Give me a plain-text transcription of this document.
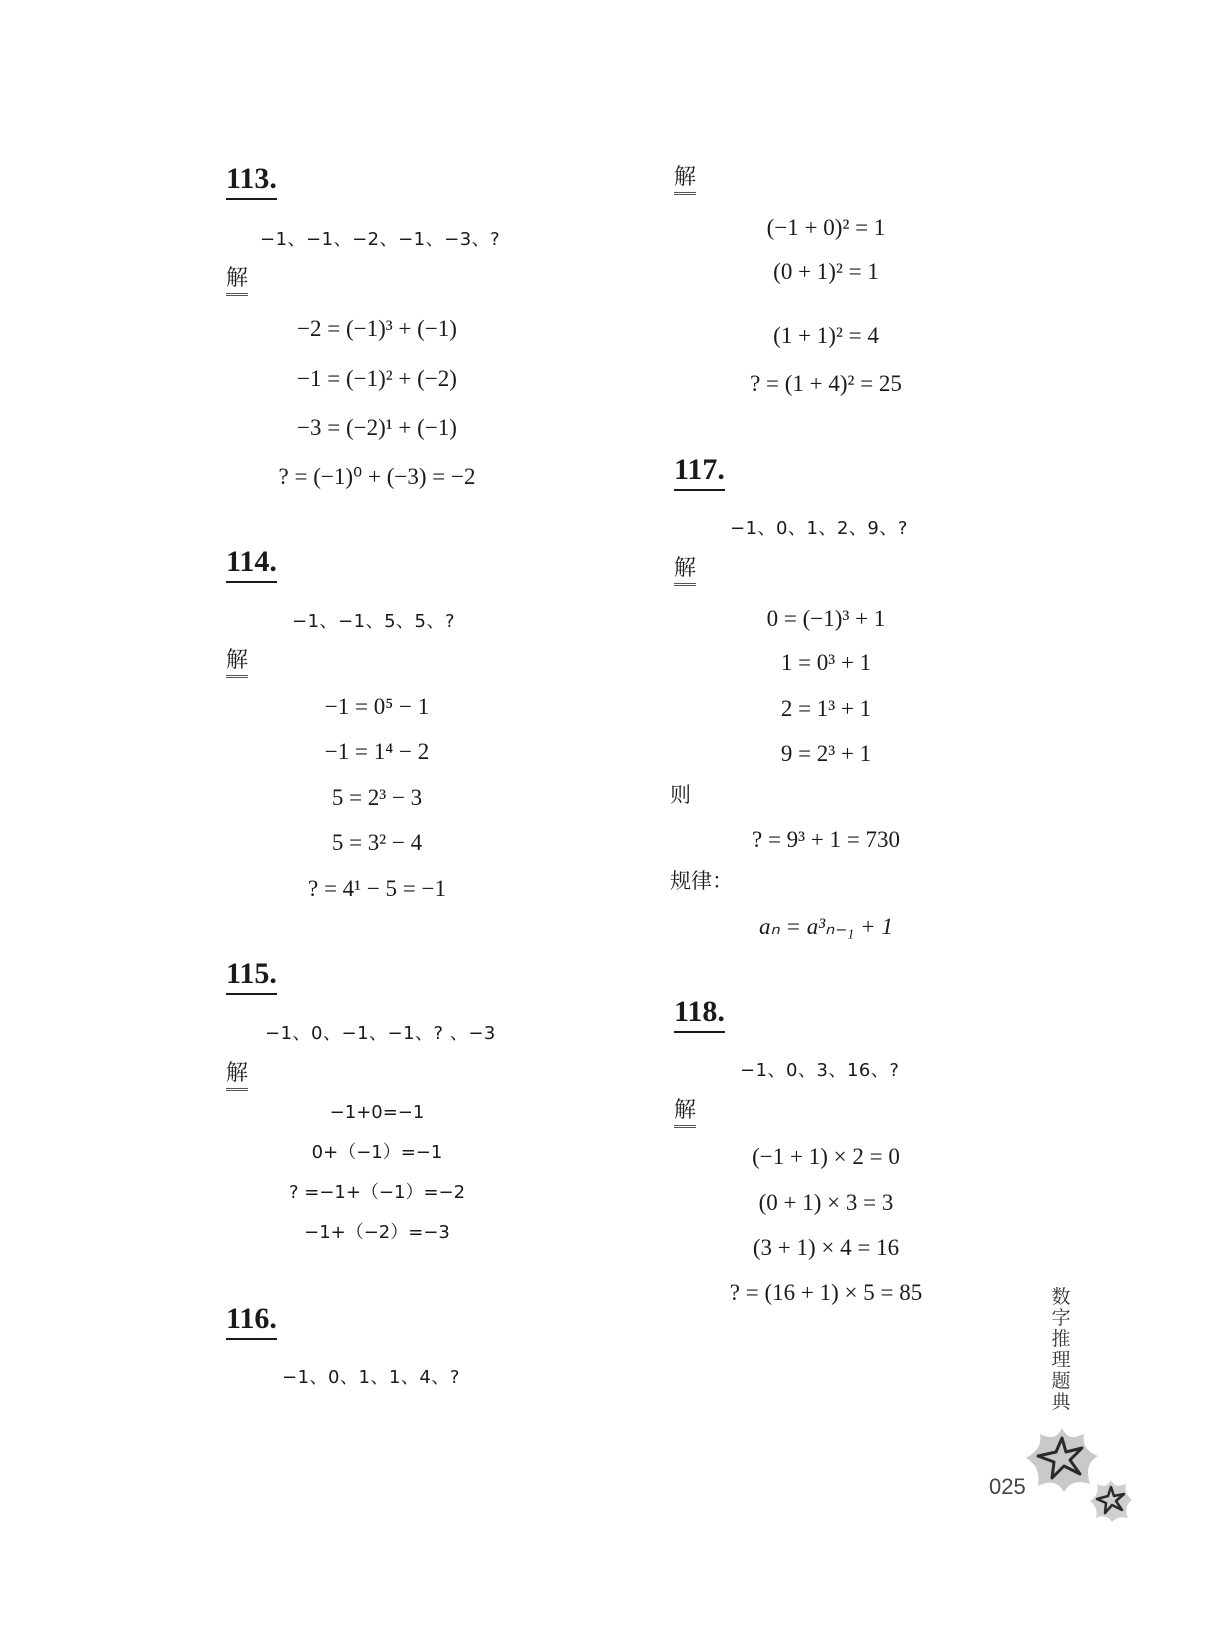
113.
−1、−1、−2、−1、−3、?
解
−2 = (−1)³ + (−1)
−1 = (−1)² + (−2)
−3 = (−2)¹ + (−1)
? = (−1)⁰ + (−3) = −2
114.
−1、−1、5、5、?
解
−1 = 0⁵ − 1
−1 = 1⁴ − 2
5 = 2³ − 3
5 = 3² − 4
? = 4¹ − 5 = −1
115.
−1、0、−1、−1、? 、−3
解
−1+0=−1
0+（−1）=−1
? =−1+（−1）=−2
−1+（−2）=−3
116.
−1、0、1、1、4、?
解
(−1 + 0)² = 1
(0 + 1)² = 1
(1 + 1)² = 4
? = (1 + 4)² = 25
117.
−1、0、1、2、9、?
解
0 = (−1)³ + 1
1 = 0³ + 1
2 = 1³ + 1
9 = 2³ + 1
则
? = 9³ + 1 = 730
规律：
aₙ = a³ₙ₋₁ + 1
118.
−1、0、3、16、?
解
(−1 + 1) × 2 = 0
(0 + 1) × 3 = 3
(3 + 1) × 4 = 16
? = (16 + 1) × 5 = 85	数
字
推
理
题
典
025
